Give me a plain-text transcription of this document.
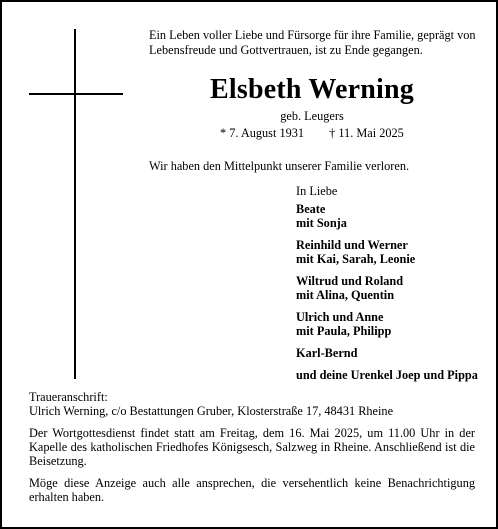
Ein Leben voller Liebe und Fürsorge für ihre Familie, geprägt von Lebensfreude und Gottvertrauen, ist zu Ende gegangen.
Elsbeth Werning
geb. Leugers
* 7. August 1931 † 11. Mai 2025
Wir haben den Mittelpunkt unserer Familie verloren.
In Liebe
Beate
mit Sonja
Reinhild und Werner
mit Kai, Sarah, Leonie
Wiltrud und Roland
mit Alina, Quentin
Ulrich und Anne
mit Paula, Philipp
Karl-Bernd
und deine Urenkel Joep und Pippa

Traueranschrift:
Ulrich Werning, c/o Bestattungen Gruber, Klosterstraße 17, 48431 Rheine

Der Wortgottesdienst findet statt am Freitag, dem 16. Mai 2025, um 11.00 Uhr in der Kapelle des katholischen Friedhofes Königsesch, Salzweg in Rheine. Anschließend ist die Beisetzung.

Möge diese Anzeige auch alle ansprechen, die versehentlich keine Benachrichtigung erhalten haben.
